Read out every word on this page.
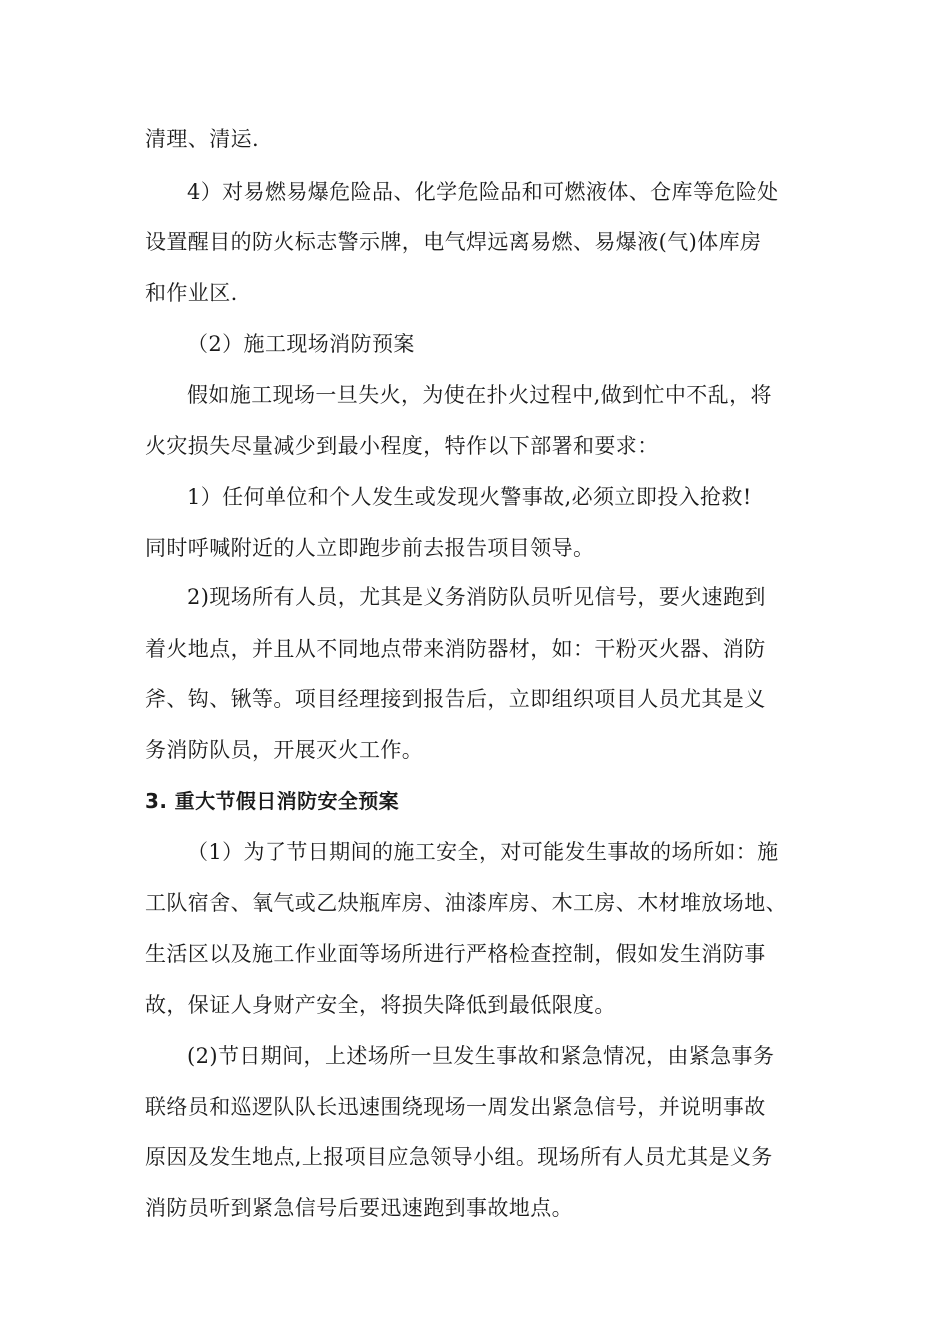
清理、清运.
4）对易燃易爆危险品、化学危险品和可燃液体、仓库等危险处
设置醒目的防火标志警示牌，电气焊远离易燃、易爆液(气)体库房
和作业区.
（2）施工现场消防预案
假如施工现场一旦失火，为使在扑火过程中,做到忙中不乱，将
火灾损失尽量减少到最小程度，特作以下部署和要求：
1）任何单位和个人发生或发现火警事故,必须立即投入抢救!
同时呼喊附近的人立即跑步前去报告项目领导。
2)现场所有人员，尤其是义务消防队员听见信号，要火速跑到
着火地点，并且从不同地点带来消防器材，如：干粉灭火器、消防
斧、钩、锹等。项目经理接到报告后，立即组织项目人员尤其是义
务消防队员，开展灭火工作。
3. 重大节假日消防安全预案
（1）为了节日期间的施工安全，对可能发生事故的场所如：施
工队宿舍、氧气或乙炔瓶库房、油漆库房、木工房、木材堆放场地、
生活区以及施工作业面等场所进行严格检查控制，假如发生消防事
故，保证人身财产安全，将损失降低到最低限度。
(2)节日期间，上述场所一旦发生事故和紧急情况，由紧急事务
联络员和巡逻队队长迅速围绕现场一周发出紧急信号，并说明事故
原因及发生地点,上报项目应急领导小组。现场所有人员尤其是义务
消防员听到紧急信号后要迅速跑到事故地点。
